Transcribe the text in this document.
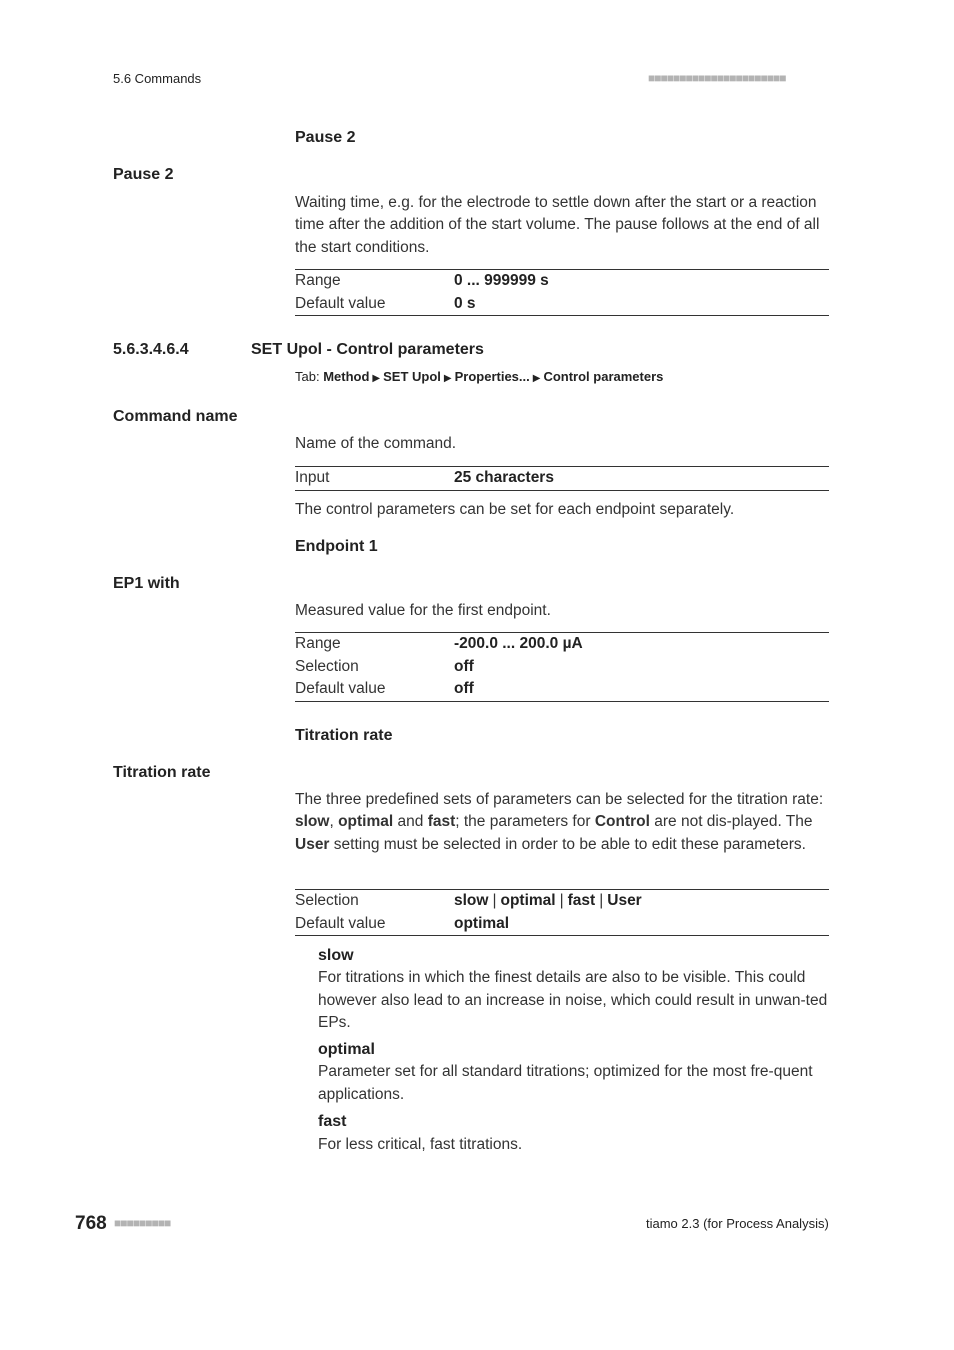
5.6 Commands	■■■■■■■■■■■■■■■■■■■■■■
Pause 2
Pause 2
Waiting time, e.g. for the electrode to settle down after the start or a reaction time after the addition of the start volume. The pause follows at the end of all the start conditions.
Range	0 ... 999999 s
Default value	0 s
5.6.3.4.6.4	SET Upol - Control parameters
Tab: Method ▶ SET Upol ▶ Properties... ▶ Control parameters
Command name
Name of the command.
Input	25 characters
The control parameters can be set for each endpoint separately.
Endpoint 1
EP1 with
Measured value for the first endpoint.
Range	-200.0 ... 200.0 µA
Selection	off
Default value	off
Titration rate
Titration rate
The three predefined sets of parameters can be selected for the titration rate: slow, optimal and fast; the parameters for Control are not dis-played. The User setting must be selected in order to be able to edit these parameters.
Selection	slow | optimal | fast | User
Default value	optimal
slow
For titrations in which the finest details are also to be visible. This could however also lead to an increase in noise, which could result in unwan-ted EPs.
optimal
Parameter set for all standard titrations; optimized for the most fre-quent applications.
fast
For less critical, fast titrations.
768 ■■■■■■■■■	tiamo 2.3 (for Process Analysis)
